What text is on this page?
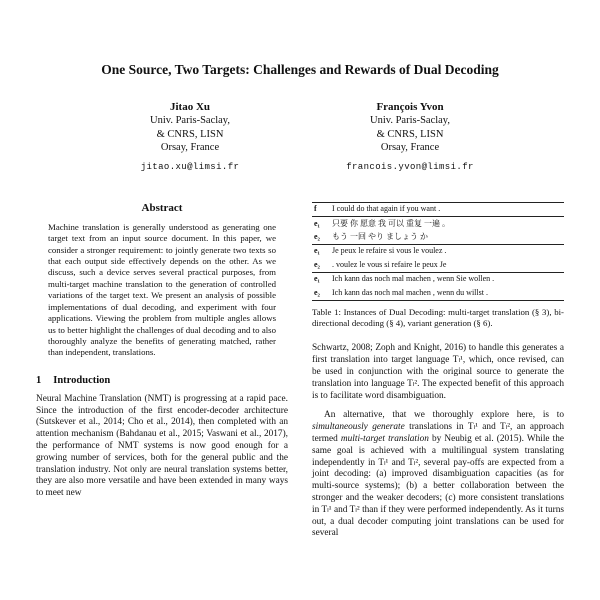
One Source, Two Targets: Challenges and Rewards of Dual Decoding
Jitao Xu
Univ. Paris-Saclay,
& CNRS, LISN
Orsay, France
jitao.xu@limsi.fr
François Yvon
Univ. Paris-Saclay,
& CNRS, LISN
Orsay, France
francois.yvon@limsi.fr
Abstract

Machine translation is generally understood as generating one target text from an input source document. In this paper, we consider a stronger requirement: to jointly generate two texts so that each output side effectively depends on the other. As we discuss, such a device serves several practical purposes, from multi-target machine translation to the generation of controlled variations of the target text. We present an analysis of possible implementations of dual decoding, and experiment with four applications. Viewing the problem from multiple angles allows us to better highlight the challenges of dual decoding and to also thoroughly analyze the benefits of generating matched, rather than independent, translations.

1 Introduction

Neural Machine Translation (NMT) is progressing at a rapid pace. Since the introduction of the first encoder-decoder architecture (Sutskever et al., 2014; Cho et al., 2014), then completed with an attention mechanism (Bahdanau et al., 2015; Vaswani et al., 2017), the performance of NMT systems is now good enough for a growing number of services, both for the general public and the translation industry. Not only are neural translation systems better, they are also more versatile and have been extended in many ways to meet new

f	I could do that again if you want .
e₁	只要 你 愿意 我 可以 重复 一遍 。
e₂	もう 一回 やり ましょう か
e₁	Je peux le refaire si vous le voulez .
e₂	. voulez le vous si refaire le peux Je
e₁	Ich kann das noch mal machen , wenn Sie wollen .
e₂	Ich kann das noch mal machen , wenn du willst .

Table 1: Instances of Dual Decoding: multi-target translation (§ 3), bi-directional decoding (§ 4), variant generation (§ 6).

Schwartz, 2008; Zoph and Knight, 2016) to handle this generates a first translation into target language Tₗ¹, which, once revised, can be used in conjunction with the original source to generate the translation into language Tₗ². The expected benefit of this approach is to facilitate word disambiguation.

An alternative, that we thoroughly explore here, is to simultaneously generate translations in Tₗ¹ and Tₗ², an approach termed multi-target translation by Neubig et al. (2015). While the same goal is achieved with a multilingual system translating independently in Tₗ¹ and Tₗ², several pay-offs are expected from a joint decoding: (a) improved disambiguation capacities (as for multi-source systems); (b) a better collaboration between the stronger and the weaker decoders; (c) more consistent translations in Tₗ¹ and Tₗ² than if they were performed independently. As it turns out, a dual decoder computing joint translations can be used for several
